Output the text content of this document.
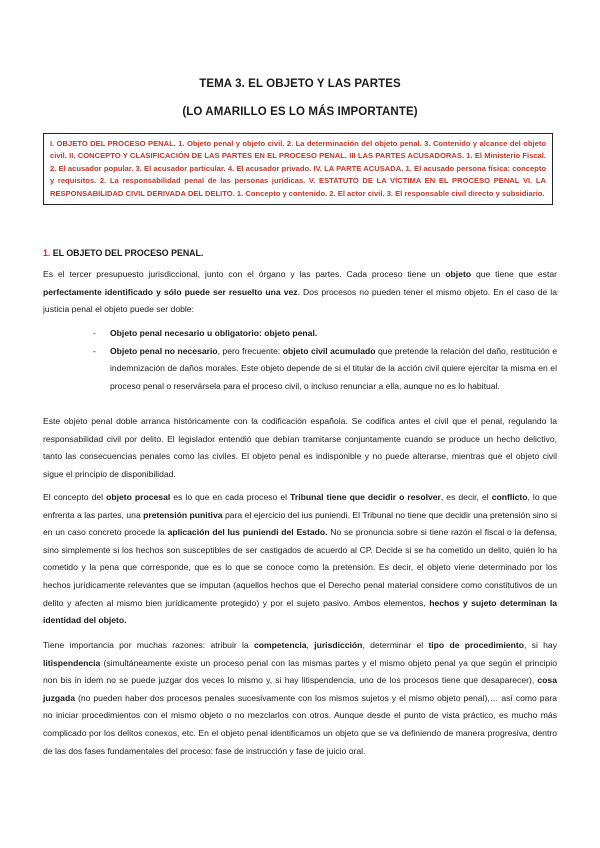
TEMA 3. EL OBJETO Y LAS PARTES
(LO AMARILLO ES LO MÁS IMPORTANTE)
I. OBJETO DEL PROCESO PENAL. 1. Objeto penal y objeto civil. 2. La determinación del objeto penal. 3. Contenido y alcance del objeto civil. II. CONCEPTO Y CLASIFICACIÓN DE LAS PARTES EN EL PROCESO PENAL. III LAS PARTES ACUSADORAS. 1. El Ministerio Fiscal. 2. El acusador popular. 3. El acusador particular. 4. El acusador privado. IV. LA PARTE ACUSADA. 1. El acusado persona física: concepto y requisitos. 2. La responsabilidad penal de las personas jurídicas. V. ESTATUTO DE LA VÍCTIMA EN EL PROCESO PENAL VI. LA RESPONSABILIDAD CIVIL DERIVADA DEL DELITO. 1. Concepto y contenido. 2. El actor civil. 3. El responsable civil directo y subsidiario.
1. EL OBJETO DEL PROCESO PENAL.
Es el tercer presupuesto jurisdiccional, junto con el órgano y las partes. Cada proceso tiene un objeto que tiene que estar perfectamente identificado y sólo puede ser resuelto una vez. Dos procesos no pueden tener el mismo objeto. En el caso de la justicia penal el objeto puede ser doble:
- Objeto penal necesario u obligatorio: objeto penal.
- Objeto penal no necesario, pero frecuente: objeto civil acumulado que pretende la relación del daño, restitución e indemnización de daños morales. Este objeto depende de si el titular de la acción civil quiere ejercitar la misma en el proceso penal o reservársela para el proceso civil, o incluso renunciar a ella, aunque no es lo habitual.
Este objeto penal doble arranca históricamente con la codificación española. Se codifica antes el civil que el penal, regulando la responsabilidad civil por delito. El legislador entendió que debían tramitarse conjuntamente cuando se produce un hecho delictivo, tanto las consecuencias penales como las civiles. El objeto penal es indisponible y no puede alterarse, mientras que el objeto civil sigue el principio de disponibilidad.
El concepto del objeto procesal es lo que en cada proceso el Tribunal tiene que decidir o resolver, es decir, el conflicto, lo que enfrenta a las partes, una pretensión punitiva para el ejercicio del ius puniendi. El Tribunal no tiene que decidir una pretensión sino si en un caso concreto procede la aplicación del Ius puniendi del Estado. No se pronuncia sobre si tiene razón el fiscal o la defensa, sino simplemente si los hechos son susceptibles de ser castigados de acuerdo al CP. Decide si se ha cometido un delito, quién lo ha cometido y la pena que corresponde, que es lo que se conoce como la pretensión. Es decir, el objeto viene determinado por los hechos jurídicamente relevantes que se imputan (aquellos hechos que el Derecho penal material considere como constitutivos de un delito y afecten al mismo bien jurídicamente protegido) y por el sujeto pasivo. Ambos elementos, hechos y sujeto determinan la identidad del objeto.
Tiene importancia por muchas razones: atribuir la competencia, jurisdicción, determinar el tipo de procedimiento, si hay litispendencia (simultáneamente existe un proceso penal con las mismas partes y el mismo objeto penal ya que según el principio non bis in idem no se puede juzgar dos veces lo mismo y, si hay litispendencia, uno de los procesos tiene que desaparecer), cosa juzgada (no pueden haber dos procesos penales sucesivamente con los mismos sujetos y el mismo objeto penal),… así como para no iniciar procedimientos con el mismo objeto o no mezclarlos con otros. Aunque desde el punto de vista práctico, es mucho más complicado por los delitos conexos, etc. En el objeto penal identificamos un objeto que se va definiendo de manera progresiva, dentro de las dos fases fundamentales del proceso: fase de instrucción y fase de juicio oral.
